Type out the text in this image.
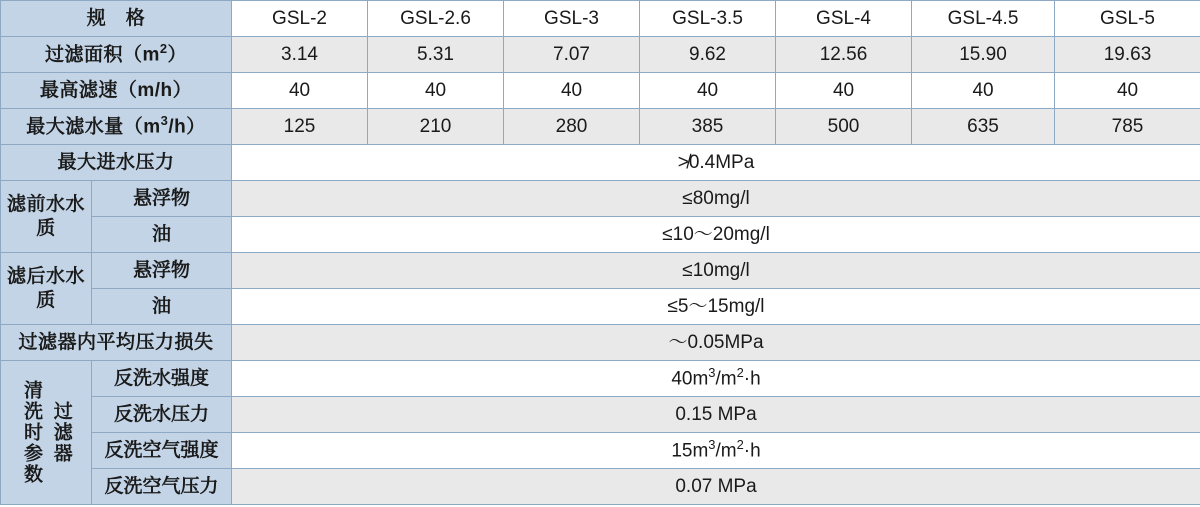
规　格		GSL-2	GSL-2.6	GSL-3	GSL-3.5	GSL-4	GSL-4.5	GSL-5
过滤面积$(m^2)$		3.14	5.31	7.07	9.62	12.56	15.90	19.63
最高滤速（m/h）		40	40	40	40	40	40	40
最大滤水量$(m^3/h)$		125	210	280	385	500	635	785
最大进水压力		≯0.4MPa						
滤前水水质	悬浮物	≤80mg/l						
	油	≤10～20mg/l						
滤后水水质	悬浮物	≤10mg/l						
	油	≤5～15mg/l						
过滤器内平均压力损失		～0.05MPa						

清洗时参数 过滤器	反洗水强度	$40m^3/m^2\cdot h$						
	反洗水压力	0.15 MPa						
	反洗空气强度	$15m^3/m^2\cdot h$						
	反洗空气压力	0.07 MPa						
